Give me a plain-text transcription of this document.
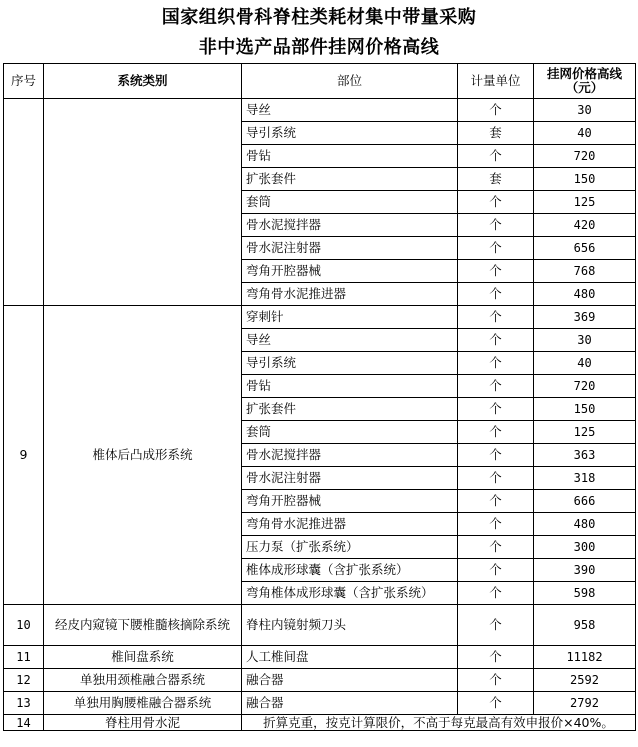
国家组织骨科脊柱类耗材集中带量采购
非中选产品部件挂网价格高线
序号	系统类别	部位	计量单位	挂网价格高线（元）
		导丝	个	30
		导引系统	套	40
		骨钻	个	720
		扩张套件	套	150
		套筒	个	125
		骨水泥搅拌器	个	420
		骨水泥注射器	个	656
		弯角开腔器械	个	768
		弯角骨水泥推进器	个	480
9	椎体后凸成形系统	穿刺针	个	369
		导丝	个	30
		导引系统	个	40
		骨钻	个	720
		扩张套件	个	150
		套筒	个	125
		骨水泥搅拌器	个	363
		骨水泥注射器	个	318
		弯角开腔器械	个	666
		弯角骨水泥推进器	个	480
		压力泵（扩张系统）	个	300
		椎体成形球囊（含扩张系统）	个	390
		弯角椎体成形球囊（含扩张系统）	个	598
10	经皮内窥镜下腰椎髓核摘除系统	脊柱内镜射频刀头	个	958
11	椎间盘系统	人工椎间盘	个	11182
12	单独用颈椎融合器系统	融合器	个	2592
13	单独用胸腰椎融合器系统	融合器	个	2792
14	脊柱用骨水泥	折算克重，按克计算限价，不高于每克最高有效申报价×40%。		
